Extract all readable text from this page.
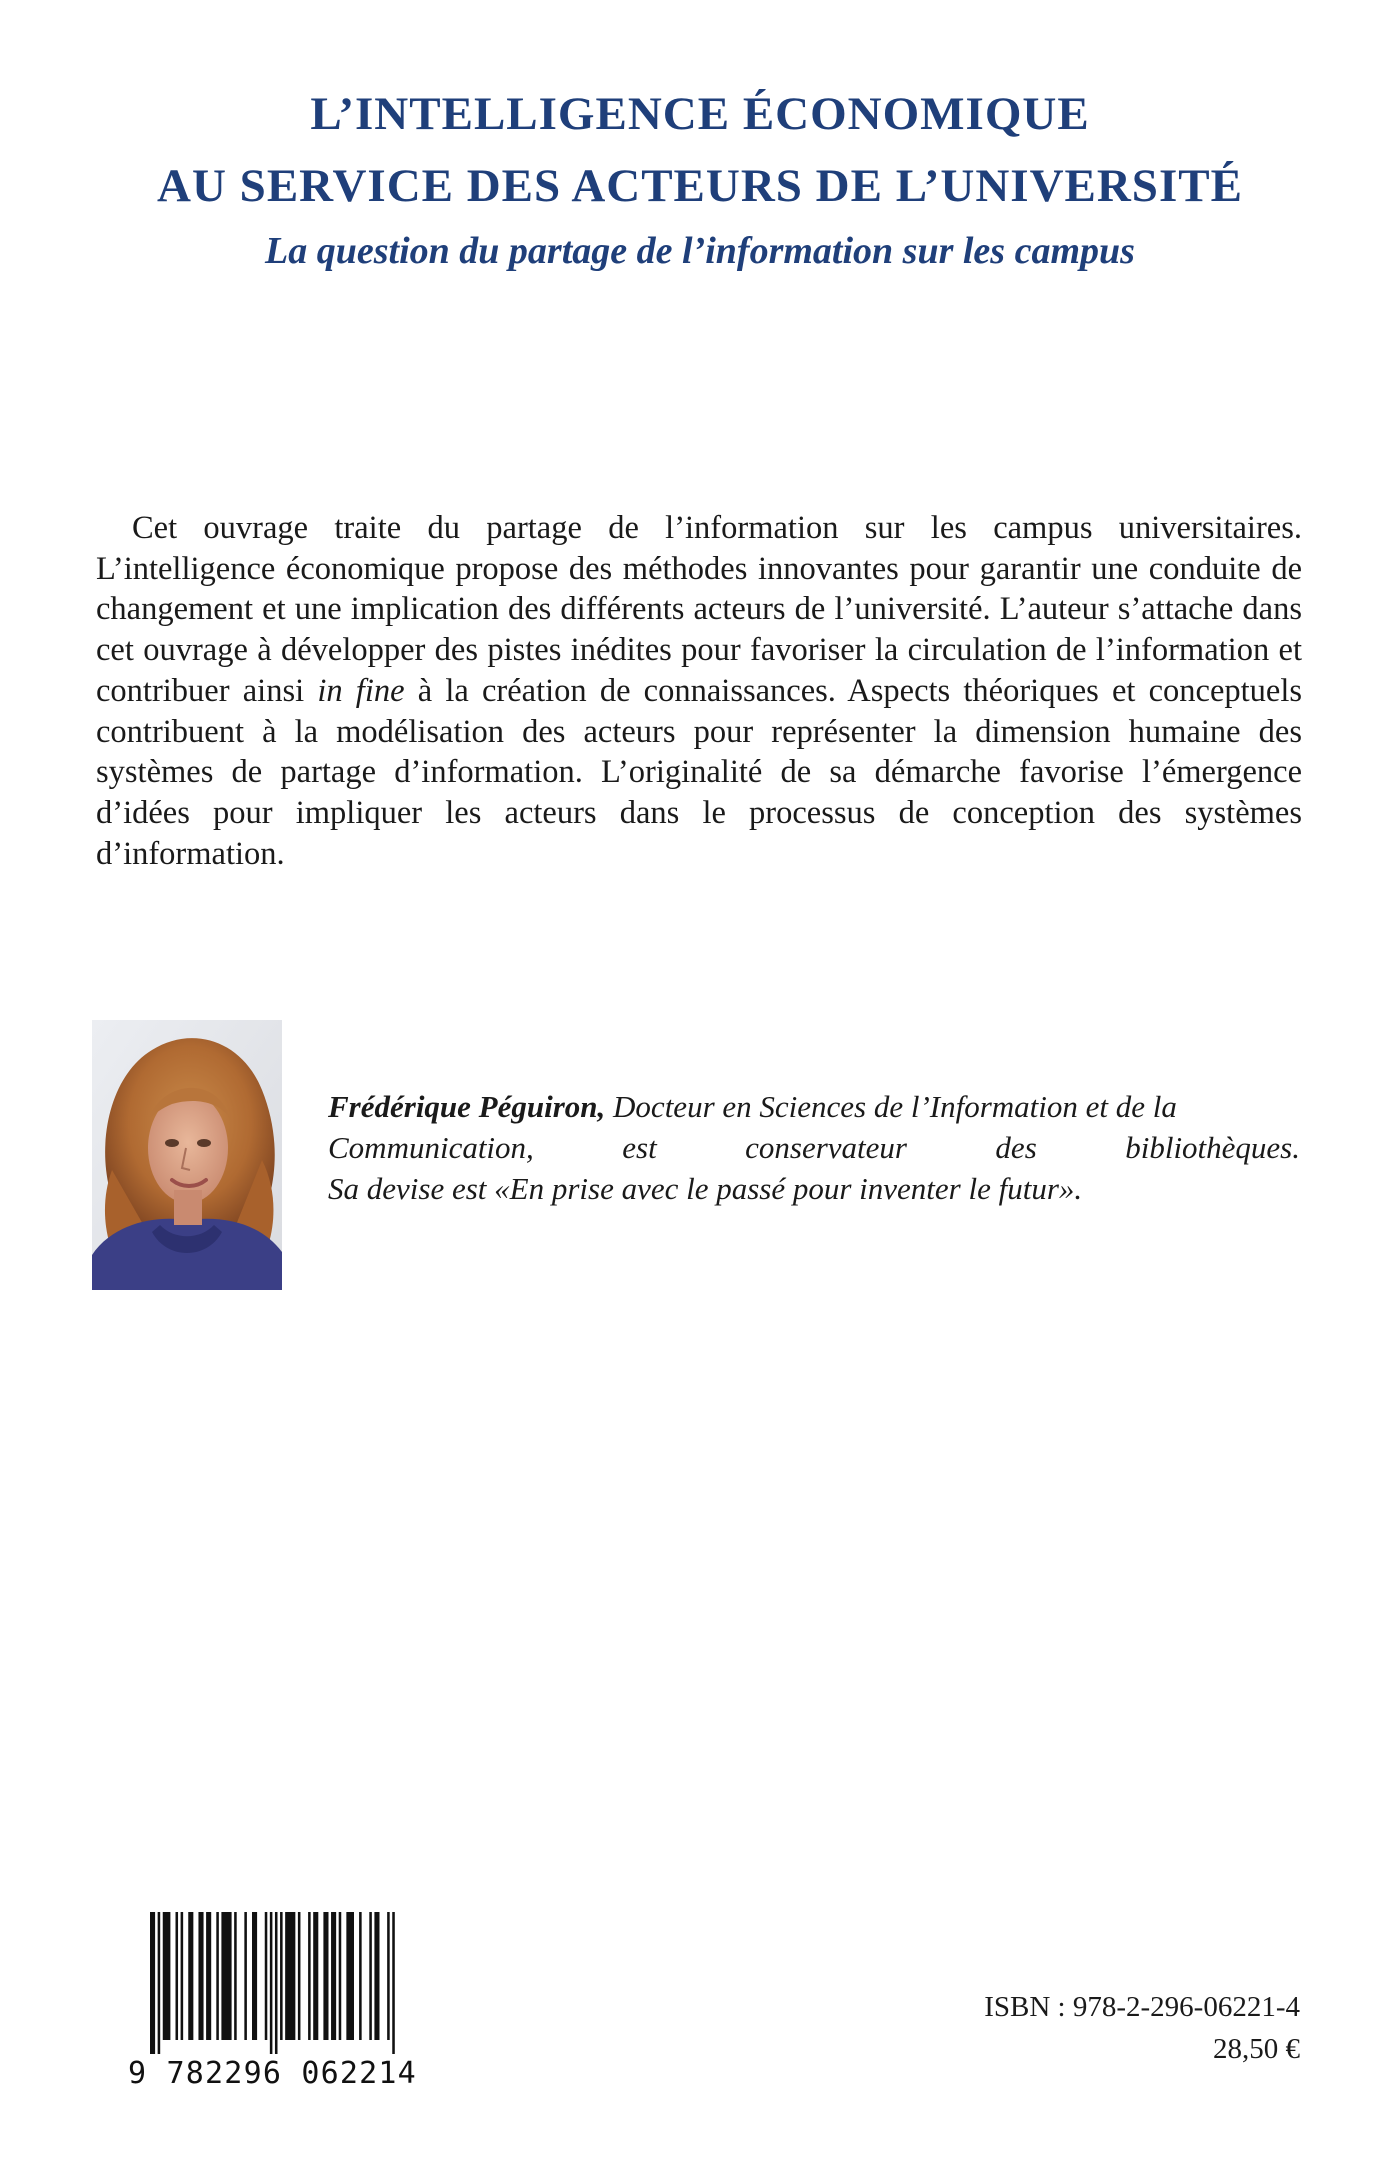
L’INTELLIGENCE ÉCONOMIQUE
AU SERVICE DES ACTEURS DE L’UNIVERSITÉ
La question du partage de l’information sur les campus

Cet ouvrage traite du partage de l’information sur les campus universitaires. L’intelligence économique propose des méthodes innovantes pour garantir une conduite de changement et une implication des différents acteurs de l’université. L’auteur s’attache dans cet ouvrage à développer des pistes inédites pour favoriser la circulation de l’information et contribuer ainsi in fine à la création de connaissances. Aspects théoriques et conceptuels contribuent à la modélisation des acteurs pour représenter la dimension humaine des systèmes de partage d’information. L’originalité de sa démarche favorise l’émergence d’idées pour impliquer les acteurs dans le processus de conception des systèmes d’information.

Frédérique Péguiron, Docteur en Sciences de l’Information et de la
Communication, est conservateur des bibliothèques.
Sa devise est «En prise avec le passé pour inventer le futur».

9 782296 062214
ISBN : 978-2-296-06221-4
28,50 €
